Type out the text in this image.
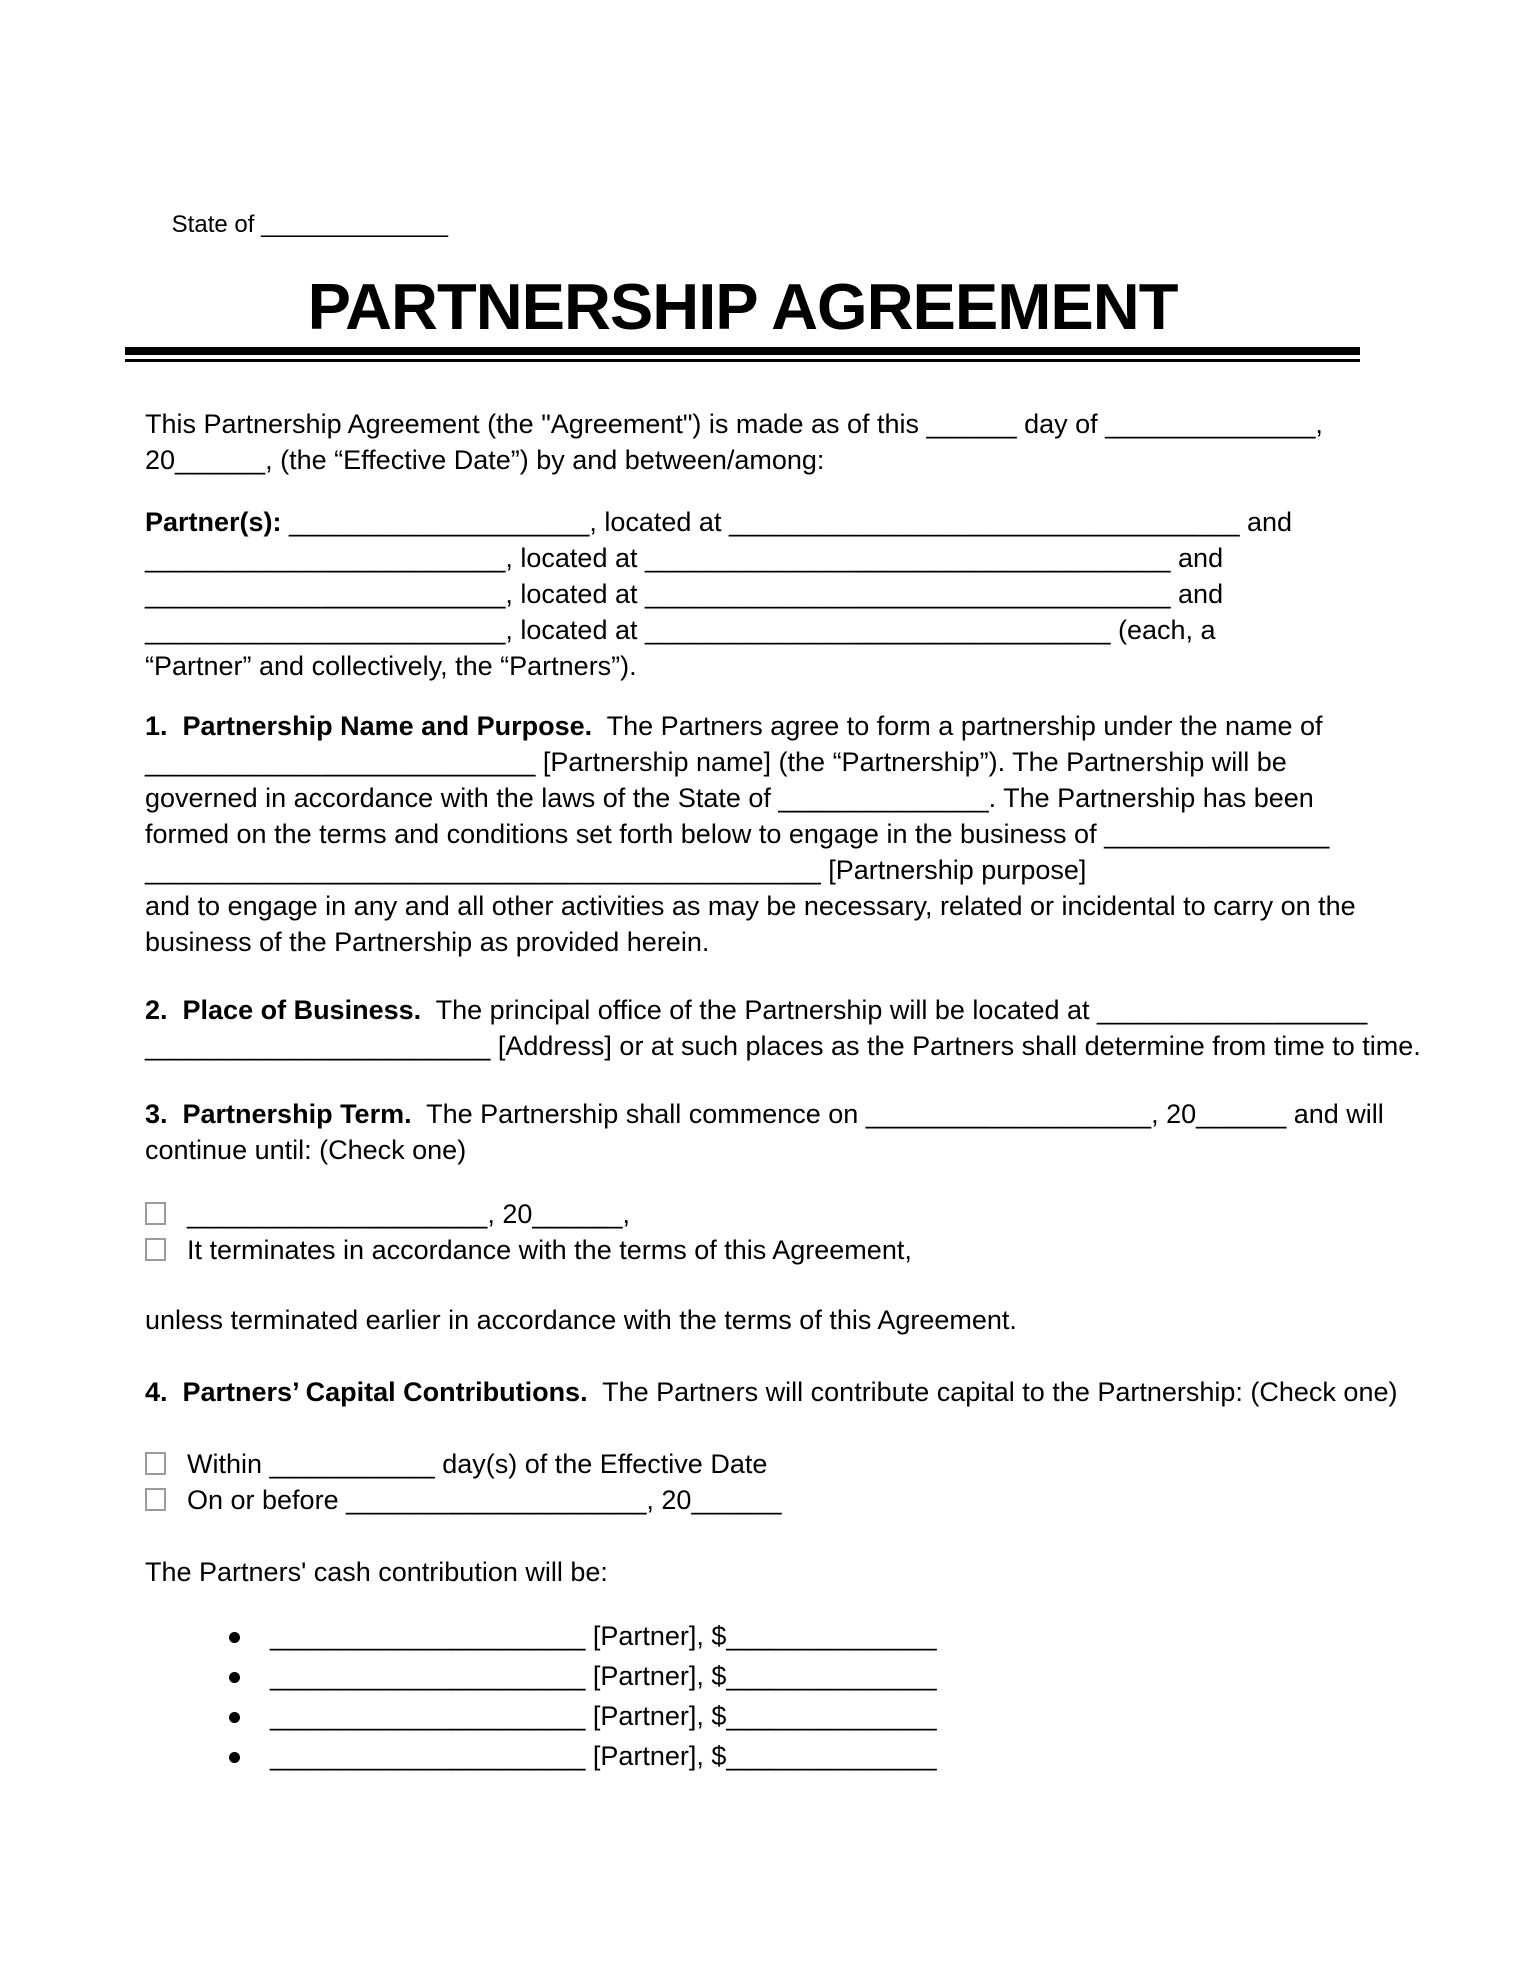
State of ______________

PARTNERSHIP AGREEMENT
This Partnership Agreement (the "Agreement") is made as of this ______ day of ______________,
20______, (the “Effective Date”) by and between/among:
Partner(s): ____________________, located at __________________________________ and
________________________, located at ___________________________________ and
________________________, located at ___________________________________ and
________________________, located at _______________________________ (each, a
“Partner” and collectively, the “Partners”).
1.  Partnership Name and Purpose.  The Partners agree to form a partnership under the name of
__________________________ [Partnership name] (the “Partnership”). The Partnership will be
governed in accordance with the laws of the State of ______________. The Partnership has been
formed on the terms and conditions set forth below to engage in the business of _______________
_____________________________________________ [Partnership purpose]
and to engage in any and all other activities as may be necessary, related or incidental to carry on the
business of the Partnership as provided herein.
2.  Place of Business.  The principal office of the Partnership will be located at __________________
_______________________ [Address] or at such places as the Partners shall determine from time to time.
3.  Partnership Term.  The Partnership shall commence on ___________________, 20______ and will
continue until: (Check one)
____________________, 20______,
It terminates in accordance with the terms of this Agreement,
unless terminated earlier in accordance with the terms of this Agreement.
4.  Partners’ Capital Contributions.  The Partners will contribute capital to the Partnership: (Check one)
Within ___________ day(s) of the Effective Date
On or before ____________________, 20______
The Partners' cash contribution will be:
_____________________ [Partner], $______________
_____________________ [Partner], $______________
_____________________ [Partner], $______________
_____________________ [Partner], $______________
